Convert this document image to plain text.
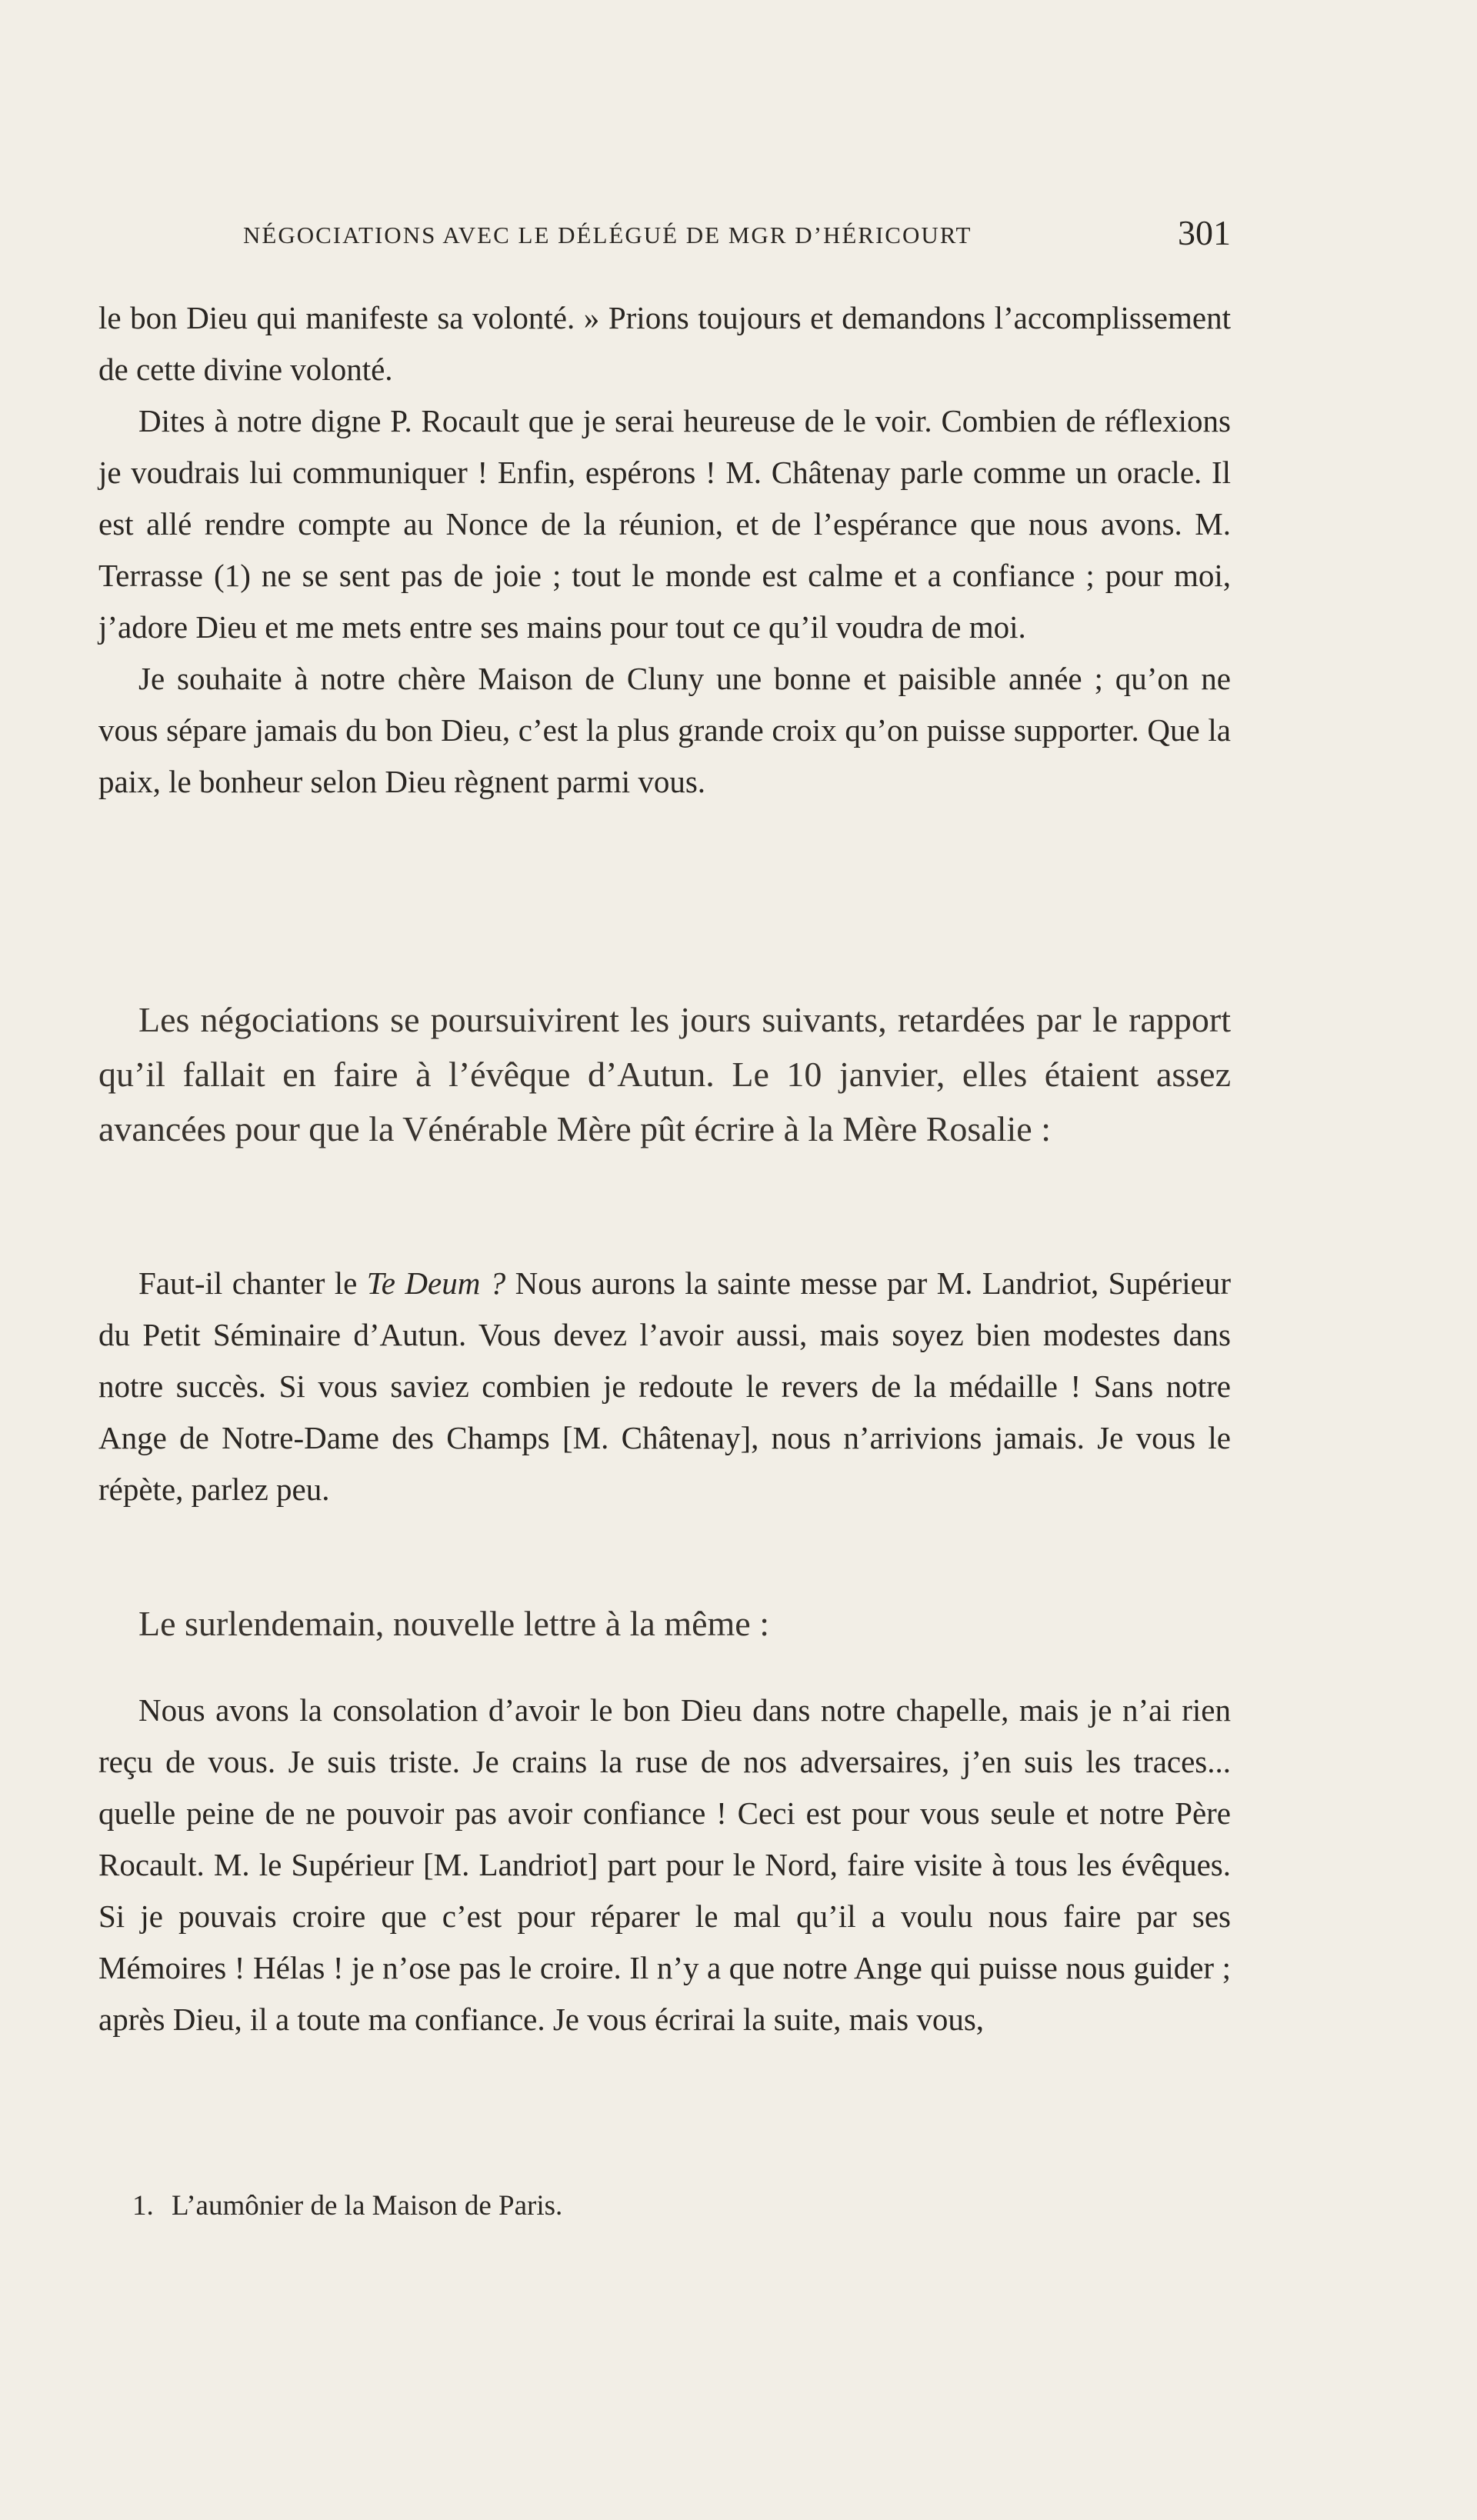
NÉGOCIATIONS AVEC LE DÉLÉGUÉ DE MGR D’HÉRICOURT	301

le bon Dieu qui manifeste sa volonté. » Prions toujours et demandons l’accomplissement de cette divine volonté.

Dites à notre digne P. Rocault que je serai heureuse de le voir. Combien de réflexions je voudrais lui communiquer ! Enfin, espérons ! M. Châtenay parle comme un oracle. Il est allé rendre compte au Nonce de la réunion, et de l’espérance que nous avons. M. Terrasse (1) ne se sent pas de joie ; tout le monde est calme et a confiance ; pour moi, j’adore Dieu et me mets entre ses mains pour tout ce qu’il voudra de moi.

Je souhaite à notre chère Maison de Cluny une bonne et paisible année ; qu’on ne vous sépare jamais du bon Dieu, c’est la plus grande croix qu’on puisse supporter. Que la paix, le bonheur selon Dieu règnent parmi vous.

Les négociations se poursuivirent les jours suivants, retardées par le rapport qu’il fallait en faire à l’évêque d’Autun. Le 10 janvier, elles étaient assez avancées pour que la Vénérable Mère pût écrire à la Mère Rosalie :

Faut-il chanter le Te Deum ? Nous aurons la sainte messe par M. Landriot, Supérieur du Petit Séminaire d’Autun. Vous devez l’avoir aussi, mais soyez bien modestes dans notre succès. Si vous saviez combien je redoute le revers de la médaille ! Sans notre Ange de Notre-Dame des Champs [M. Châtenay], nous n’arrivions jamais. Je vous le répète, parlez peu.

Le surlendemain, nouvelle lettre à la même :

Nous avons la consolation d’avoir le bon Dieu dans notre chapelle, mais je n’ai rien reçu de vous. Je suis triste. Je crains la ruse de nos adversaires, j’en suis les traces... quelle peine de ne pouvoir pas avoir confiance ! Ceci est pour vous seule et notre Père Rocault. M. le Supérieur [M. Landriot] part pour le Nord, faire visite à tous les évêques. Si je pouvais croire que c’est pour réparer le mal qu’il a voulu nous faire par ses Mémoires ! Hélas ! je n’ose pas le croire. Il n’y a que notre Ange qui puisse nous guider ; après Dieu, il a toute ma confiance. Je vous écrirai la suite, mais vous,

1. L’aumônier de la Maison de Paris.
